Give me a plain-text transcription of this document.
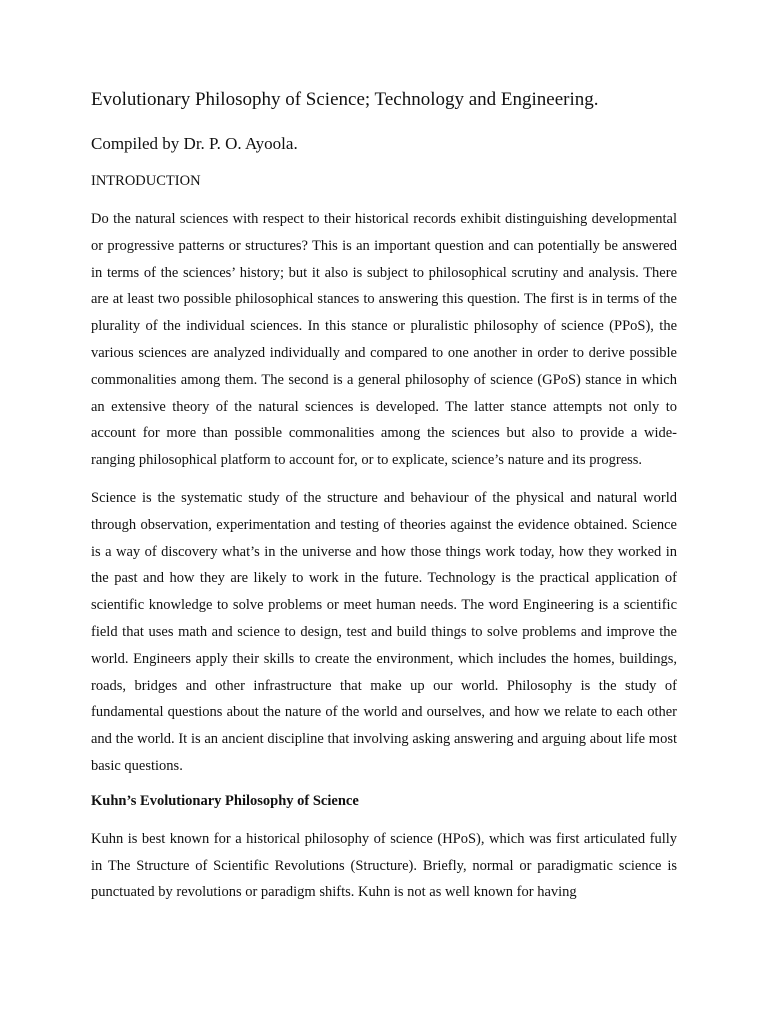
Evolutionary Philosophy of Science; Technology and Engineering.
Compiled by Dr. P. O. Ayoola.
INTRODUCTION

Do the natural sciences with respect to their historical records exhibit distinguishing developmental or progressive patterns or structures? This is an important question and can potentially be answered in terms of the sciences’ history; but it also is subject to philosophical scrutiny and analysis. There are at least two possible philosophical stances to answering this question. The first is in terms of the plurality of the individual sciences. In this stance or pluralistic philosophy of science (PPoS), the various sciences are analyzed individually and compared to one another in order to derive possible commonalities among them. The second is a general philosophy of science (GPoS) stance in which an extensive theory of the natural sciences is developed. The latter stance attempts not only to account for more than possible commonalities among the sciences but also to provide a wide-ranging philosophical platform to account for, or to explicate, science’s nature and its progress.

Science is the systematic study of the structure and behaviour of the physical and natural world through observation, experimentation and testing of theories against the evidence obtained. Science is a way of discovery what’s in the universe and how those things work today, how they worked in the past and how they are likely to work in the future. Technology is the practical application of scientific knowledge to solve problems or meet human needs. The word Engineering is a scientific field that uses math and science to design, test and build things to solve problems and improve the world. Engineers apply their skills to create the environment, which includes the homes, buildings, roads, bridges and other infrastructure that make up our world. Philosophy is the study of fundamental questions about the nature of the world and ourselves, and how we relate to each other and the world. It is an ancient discipline that involving asking answering and arguing about life most basic questions.

Kuhn’s Evolutionary Philosophy of Science

Kuhn is best known for a historical philosophy of science (HPoS), which was first articulated fully in The Structure of Scientific Revolutions (Structure). Briefly, normal or paradigmatic science is punctuated by revolutions or paradigm shifts. Kuhn is not as well known for having
